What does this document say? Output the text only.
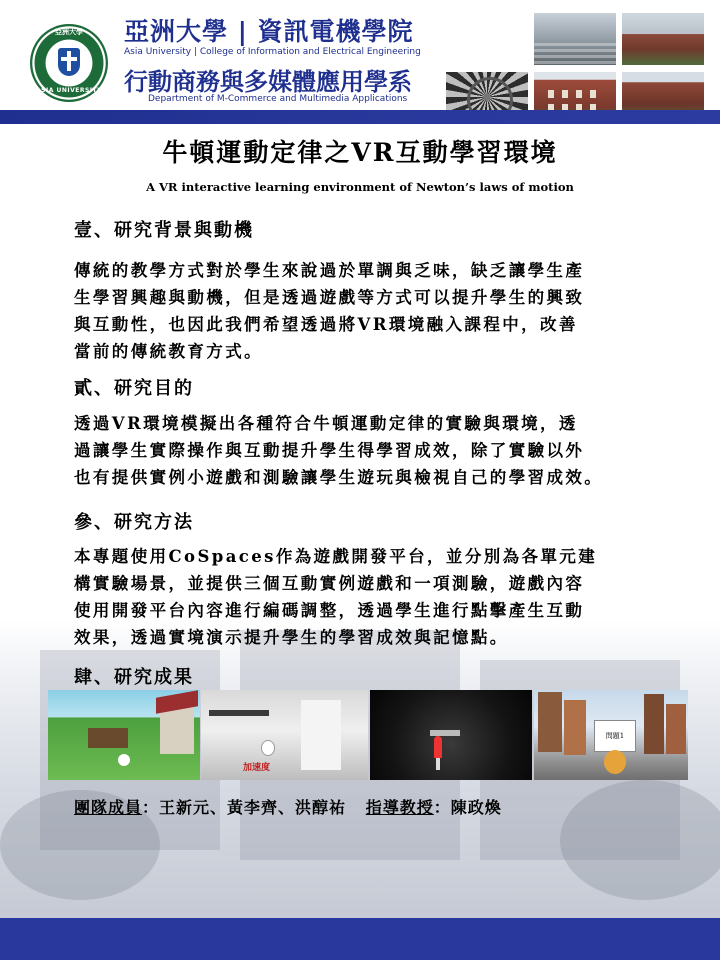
亞洲大學
ASIA UNIVERSITY
亞洲大學 | 資訊電機學院
Asia University | College of Information and Electrical Engineering
行動商務與多媒體應用學系
Department of M-Commerce and Multimedia Applications
牛頓運動定律之VR互動學習環境
A VR interactive learning environment of Newton’s laws of motion
壹、研究背景與動機
傳統的教學方式對於學生來說過於單調與乏味，缺乏讓學生產
生學習興趣與動機，但是透過遊戲等方式可以提升學生的興致
與互動性，也因此我們希望透過將VR環境融入課程中，改善
當前的傳統教育方式。
貳、研究目的
透過VR環境模擬出各種符合牛頓運動定律的實驗與環境，透
過讓學生實際操作與互動提升學生得學習成效，除了實驗以外
也有提供實例小遊戲和測驗讓學生遊玩與檢視自己的學習成效。
參、研究方法
本專題使用CoSpaces作為遊戲開發平台，並分別為各單元建
構實驗場景，並提供三個互動實例遊戲和一項測驗，遊戲內容
使用開發平台內容進行編碼調整，透過學生進行點擊產生互動
效果，透過實境演示提升學生的學習成效與記憶點。
肆、研究成果
加速度
問題1
團隊成員：王新元、黃李齊、洪醇祐 指導教授：陳政煥
